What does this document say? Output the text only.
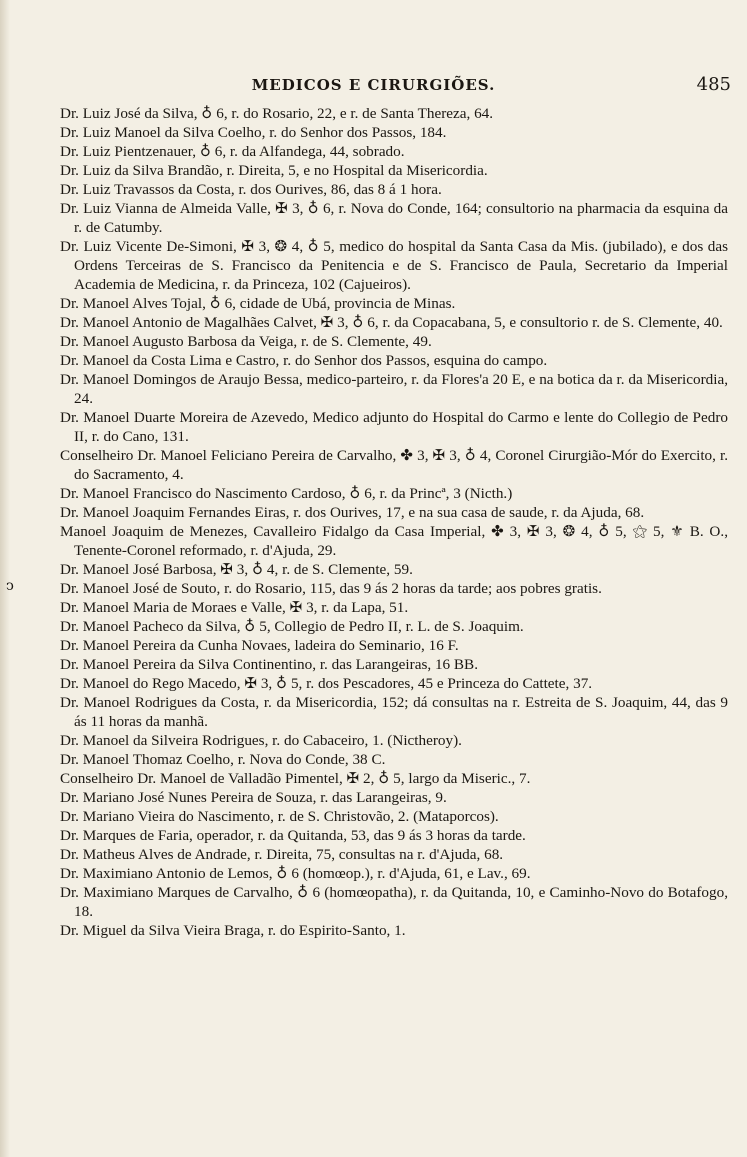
MEDICOS E CIRURGIÕES.	485
ↄ

Dr. Luiz José da Silva, ♁ 6, r. do Rosario, 22, e r. de Santa Thereza, 64.

Dr. Luiz Manoel da Silva Coelho, r. do Senhor dos Passos, 184.

Dr. Luiz Pientzenauer, ♁ 6, r. da Alfandega, 44, sobrado.

Dr. Luiz da Silva Brandão, r. Direita, 5, e no Hospital da Misericordia.

Dr. Luiz Travassos da Costa, r. dos Ourives, 86, das 8 á 1 hora.

Dr. Luiz Vianna de Almeida Valle, ✠ 3, ♁ 6, r. Nova do Conde, 164; consultorio na pharmacia da esquina da r. de Catumby.

Dr. Luiz Vicente De-Simoni, ✠ 3, ❂ 4, ♁ 5, medico do hospital da Santa Casa da Mis. (jubilado), e dos das Ordens Terceiras de S. Francisco da Penitencia e de S. Francisco de Paula, Secretario da Imperial Academia de Medicina, r. da Princeza, 102 (Cajueiros).

Dr. Manoel Alves Tojal, ♁ 6, cidade de Ubá, provincia de Minas.

Dr. Manoel Antonio de Magalhães Calvet, ✠ 3, ♁ 6, r. da Copacabana, 5, e consultorio r. de S. Clemente, 40.

Dr. Manoel Augusto Barbosa da Veiga, r. de S. Clemente, 49.

Dr. Manoel da Costa Lima e Castro, r. do Senhor dos Passos, esquina do campo.

Dr. Manoel Domingos de Araujo Bessa, medico-parteiro, r. da Flores'a 20 E, e na botica da r. da Misericordia, 24.

Dr. Manoel Duarte Moreira de Azevedo, Medico adjunto do Hospital do Carmo e lente do Collegio de Pedro II, r. do Cano, 131.

Conselheiro Dr. Manoel Feliciano Pereira de Carvalho, ✤ 3, ✠ 3, ♁ 4, Coronel Cirurgião-Mór do Exercito, r. do Sacramento, 4.

Dr. Manoel Francisco do Nascimento Cardoso, ♁ 6, r. da Princª, 3 (Nicth.)

Dr. Manoel Joaquim Fernandes Eiras, r. dos Ourives, 17, e na sua casa de saude, r. da Ajuda, 68.

Manoel Joaquim de Menezes, Cavalleiro Fidalgo da Casa Imperial, ✤ 3, ✠ 3, ❂ 4, ♁ 5, ⚝ 5, ⚜ B. O., Tenente-Coronel reformado, r. d'Ajuda, 29.

Dr. Manoel José Barbosa, ✠ 3, ♁ 4, r. de S. Clemente, 59.

Dr. Manoel José de Souto, r. do Rosario, 115, das 9 ás 2 horas da tarde; aos pobres gratis.

Dr. Manoel Maria de Moraes e Valle, ✠ 3, r. da Lapa, 51.

Dr. Manoel Pacheco da Silva, ♁ 5, Collegio de Pedro II, r. L. de S. Joaquim.

Dr. Manoel Pereira da Cunha Novaes, ladeira do Seminario, 16 F.

Dr. Manoel Pereira da Silva Continentino, r. das Larangeiras, 16 BB.

Dr. Manoel do Rego Macedo, ✠ 3, ♁ 5, r. dos Pescadores, 45 e Princeza do Cattete, 37.

Dr. Manoel Rodrigues da Costa, r. da Misericordia, 152; dá consultas na r. Estreita de S. Joaquim, 44, das 9 ás 11 horas da manhã.

Dr. Manoel da Silveira Rodrigues, r. do Cabaceiro, 1. (Nictheroy).

Dr. Manoel Thomaz Coelho, r. Nova do Conde, 38 C.

Conselheiro Dr. Manoel de Valladão Pimentel, ✠ 2, ♁ 5, largo da Miseric., 7.

Dr. Mariano José Nunes Pereira de Souza, r. das Larangeiras, 9.

Dr. Mariano Vieira do Nascimento, r. de S. Christovão, 2. (Mataporcos).

Dr. Marques de Faria, operador, r. da Quitanda, 53, das 9 ás 3 horas da tarde.

Dr. Matheus Alves de Andrade, r. Direita, 75, consultas na r. d'Ajuda, 68.

Dr. Maximiano Antonio de Lemos, ♁ 6 (homœop.), r. d'Ajuda, 61, e Lav., 69.

Dr. Maximiano Marques de Carvalho, ♁ 6 (homœopatha), r. da Quitanda, 10, e Caminho-Novo do Botafogo, 18.

Dr. Miguel da Silva Vieira Braga, r. do Espirito-Santo, 1.
